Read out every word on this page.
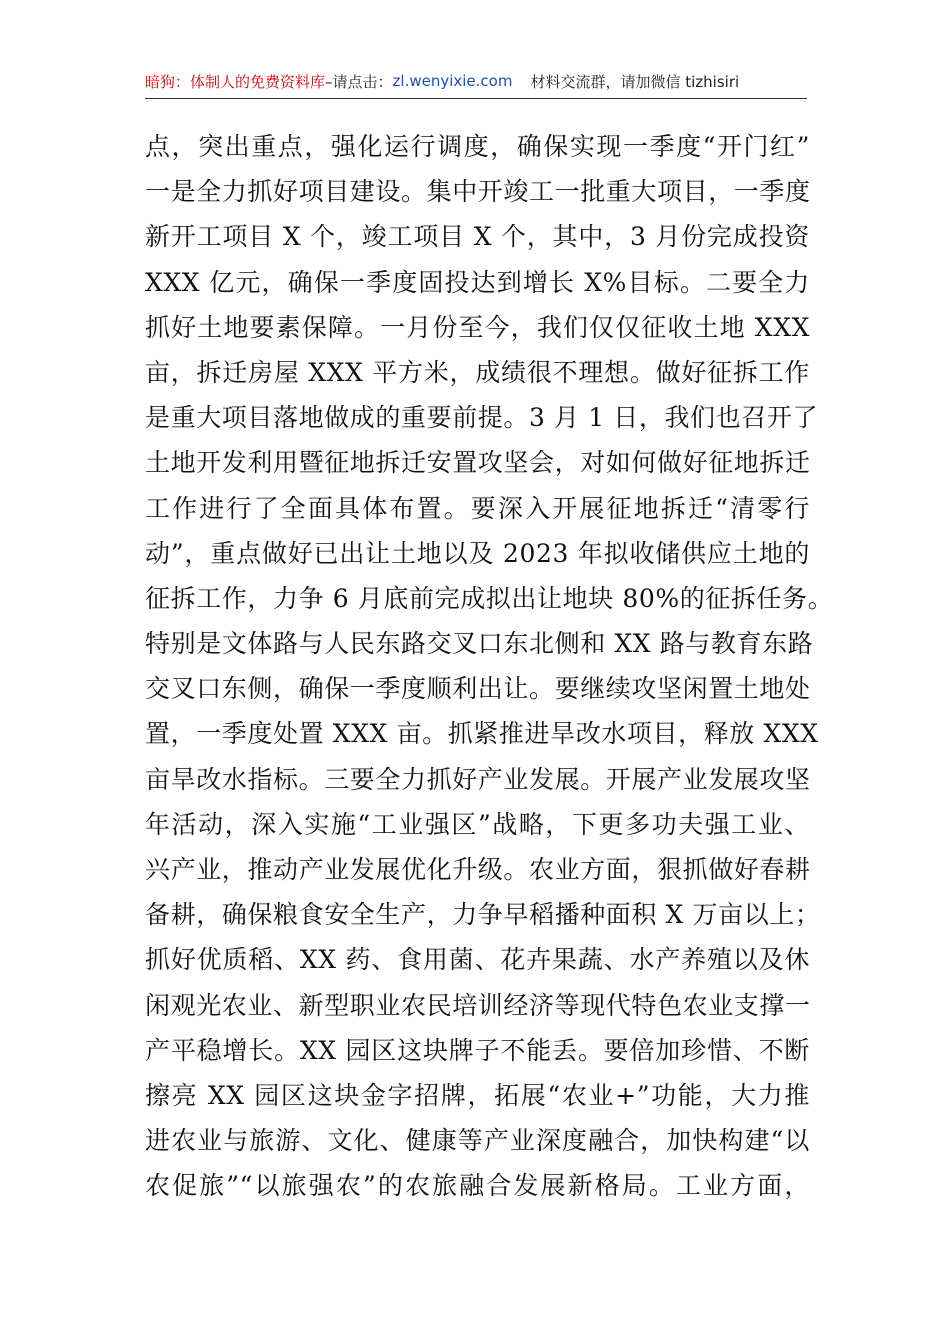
暗狗：体制人的免费资料库 –请点击： zl.wenyixie.com 材料交流群，请加微信 tizhisiri
点，突出重点，强化运行调度，确保实现一季度“开门红”
一是全力抓好项目建设。集中开竣工一批重大项目，一季度
新开工项目 X 个，竣工项目 X 个，其中，3 月份完成投资
XXX 亿元，确保一季度固投达到增长 X%目标。二要全力
抓好土地要素保障。一月份至今，我们仅仅征收土地 XXX
亩，拆迁房屋 XXX 平方米，成绩很不理想。做好征拆工作
是重大项目落地做成的重要前提。3 月 1 日，我们也召开了
土地开发利用暨征地拆迁安置攻坚会，对如何做好征地拆迁
工作进行了全面具体布置。要深入开展征地拆迁“清零行
动”，重点做好已出让土地以及 2023 年拟收储供应土地的
征拆工作，力争 6 月底前完成拟出让地块 80%的征拆任务。
特别是文体路与人民东路交叉口东北侧和 XX 路与教育东路
交叉口东侧，确保一季度顺利出让。要继续攻坚闲置土地处
置，一季度处置 XXX 亩。抓紧推进旱改水项目，释放 XXX
亩旱改水指标。三要全力抓好产业发展。开展产业发展攻坚
年活动，深入实施“工业强区”战略，下更多功夫强工业、
兴产业，推动产业发展优化升级。农业方面，狠抓做好春耕
备耕，确保粮食安全生产，力争早稻播种面积 X 万亩以上；
抓好优质稻、XX 药、食用菌、花卉果蔬、水产养殖以及休
闲观光农业、新型职业农民培训经济等现代特色农业支撑一
产平稳增长。XX 园区这块牌子不能丢。要倍加珍惜、不断
擦亮 XX 园区这块金字招牌，拓展“农业+”功能，大力推
进农业与旅游、文化、健康等产业深度融合，加快构建“以
农促旅”“以旅强农”的农旅融合发展新格局。工业方面，
